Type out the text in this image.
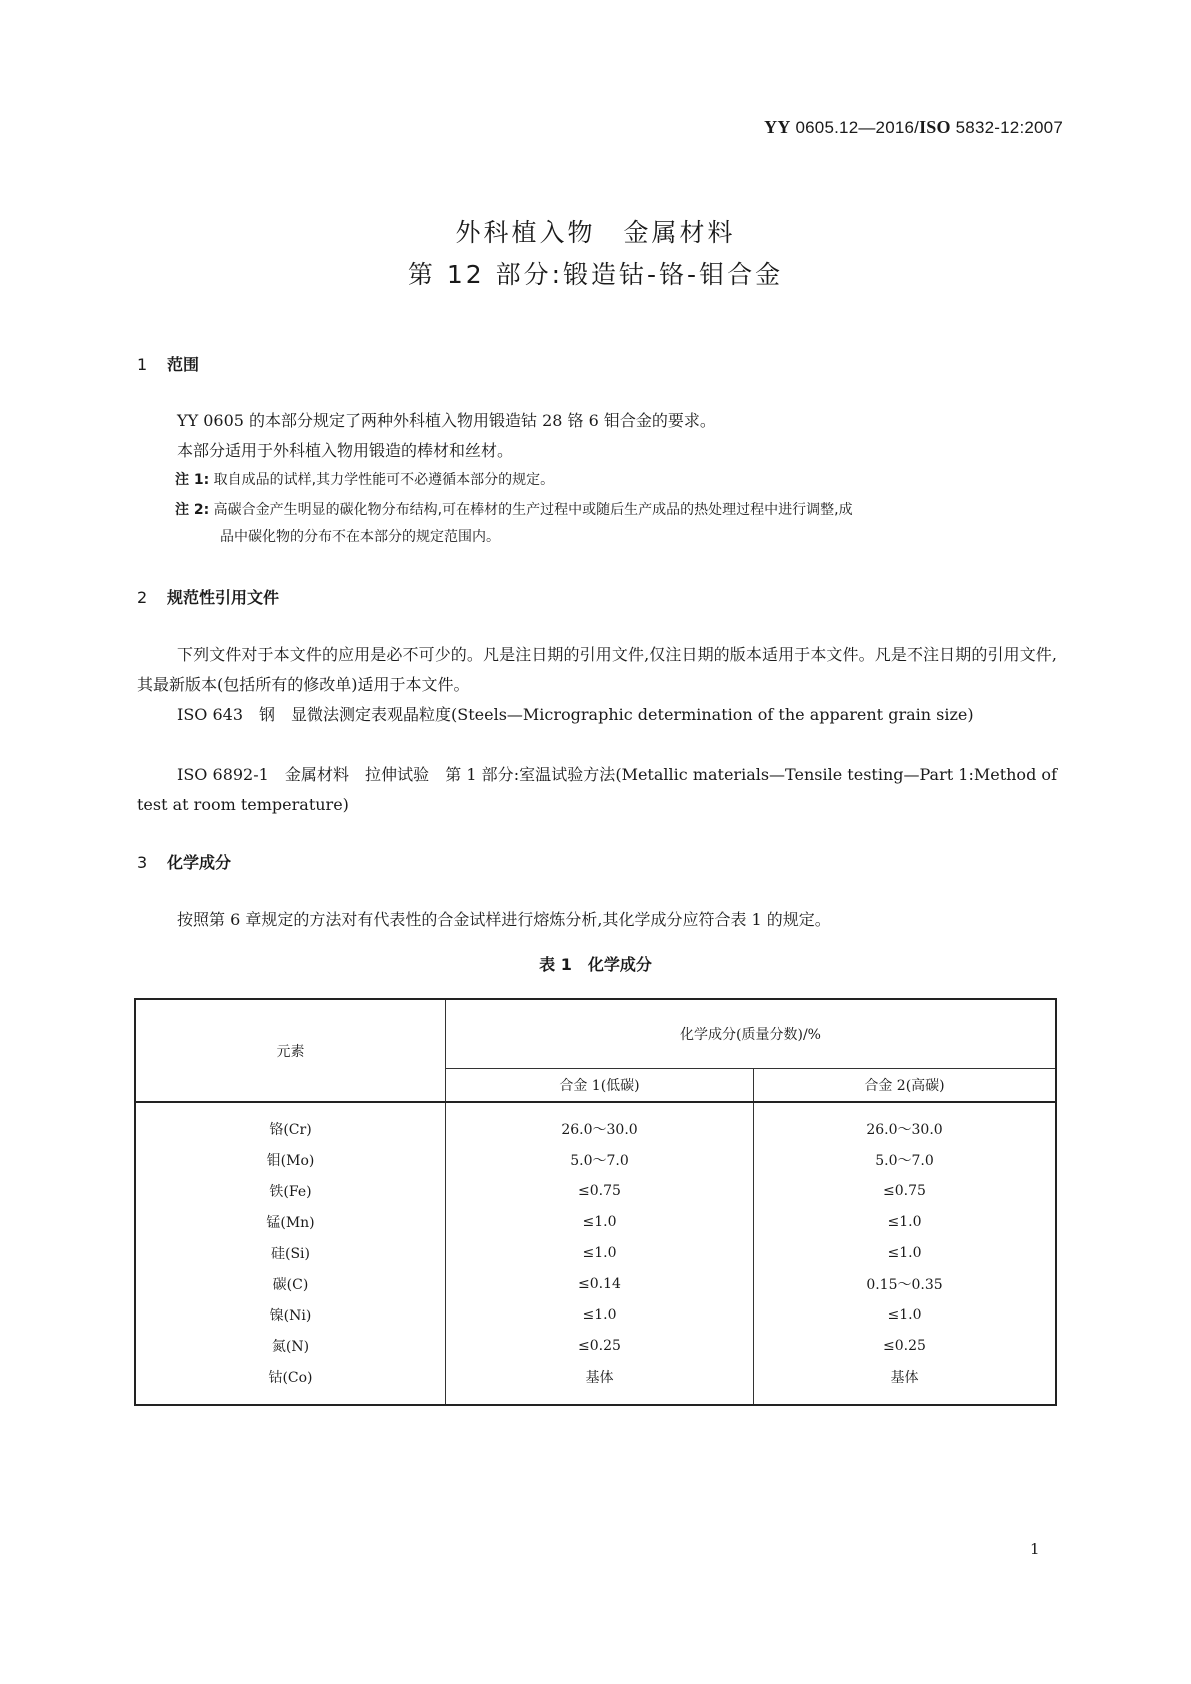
YY 0605.12—2016/ISO 5832-12:2007
外科植入物　金属材料
第 12 部分:锻造钴-铬-钼合金
1 范围
YY 0605 的本部分规定了两种外科植入物用锻造钴 28 铬 6 钼合金的要求。
本部分适用于外科植入物用锻造的棒材和丝材。
注 1: 取自成品的试样,其力学性能可不必遵循本部分的规定。
注 2: 高碳合金产生明显的碳化物分布结构,可在棒材的生产过程中或随后生产成品的热处理过程中进行调整,成
品中碳化物的分布不在本部分的规定范围内。
2 规范性引用文件
下列文件对于本文件的应用是必不可少的。凡是注日期的引用文件,仅注日期的版本适用于本文件。凡是不注日期的引用文件,其最新版本(包括所有的修改单)适用于本文件。
ISO 643　钢　显微法测定表观晶粒度(Steels—Micrographic determination of the apparent grain size)
ISO 6892-1　金属材料　拉伸试验　第 1 部分:室温试验方法(Metallic materials—Tensile testing—Part 1:Method of test at room temperature)
3 化学成分
按照第 6 章规定的方法对有代表性的合金试样进行熔炼分析,其化学成分应符合表 1 的规定。
表 1　化学成分
元素	化学成分(质量分数)/%	
	合金 1(低碳)	合金 2(高碳)
铬(Cr)	26.0～30.0	26.0～30.0
钼(Mo)	5.0～7.0	5.0～7.0
铁(Fe)	≤0.75	≤0.75
锰(Mn)	≤1.0	≤1.0
硅(Si)	≤1.0	≤1.0
碳(C)	≤0.14	0.15～0.35
镍(Ni)	≤1.0	≤1.0
氮(N)	≤0.25	≤0.25
钴(Co)	基体	基体
1
